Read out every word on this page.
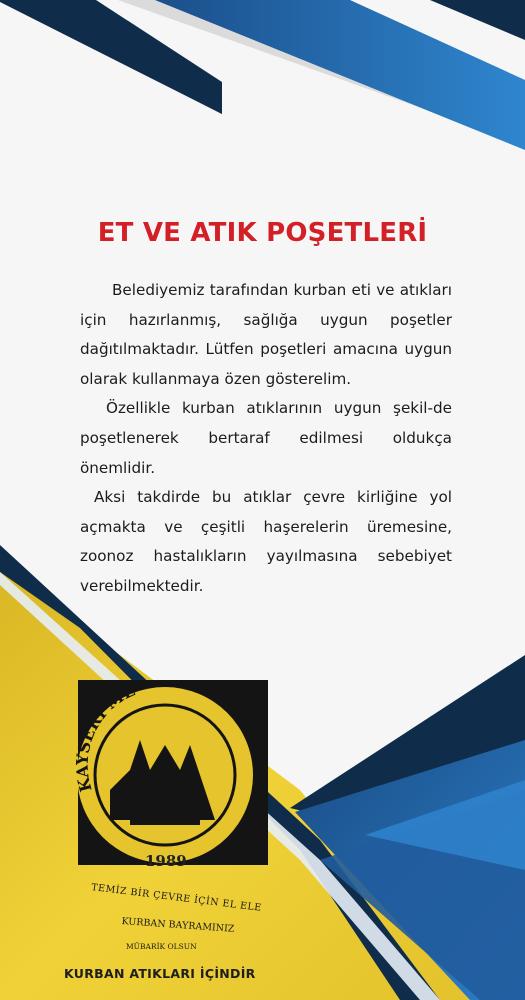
ET VE ATIK POŞETLERİ

Belediyemiz tarafından kurban eti ve atıkları için hazırlanmış, sağlığa uygun poşetler dağıtılmaktadır. Lütfen poşetleri amacına uygun olarak kullanmaya özen gösterelim.

Özellikle kurban atıklarının uygun şekil-de poşetlenerek bertaraf edilmesi oldukça önemlidir.

Aksi takdirde bu atıklar çevre kirliğine yol açmakta ve çeşitli haşerelerin üremesine, zoonoz hastalıkların yayılmasına sebebiyet verebilmektedir.

KAYSERİ ME
1989
TEMİZ BİR ÇEVRE İÇİN EL ELE
KURBAN BAYRAMINIZ
MÜBARİK OLSUN
KURBAN ATIKLARI İÇİNDİR
